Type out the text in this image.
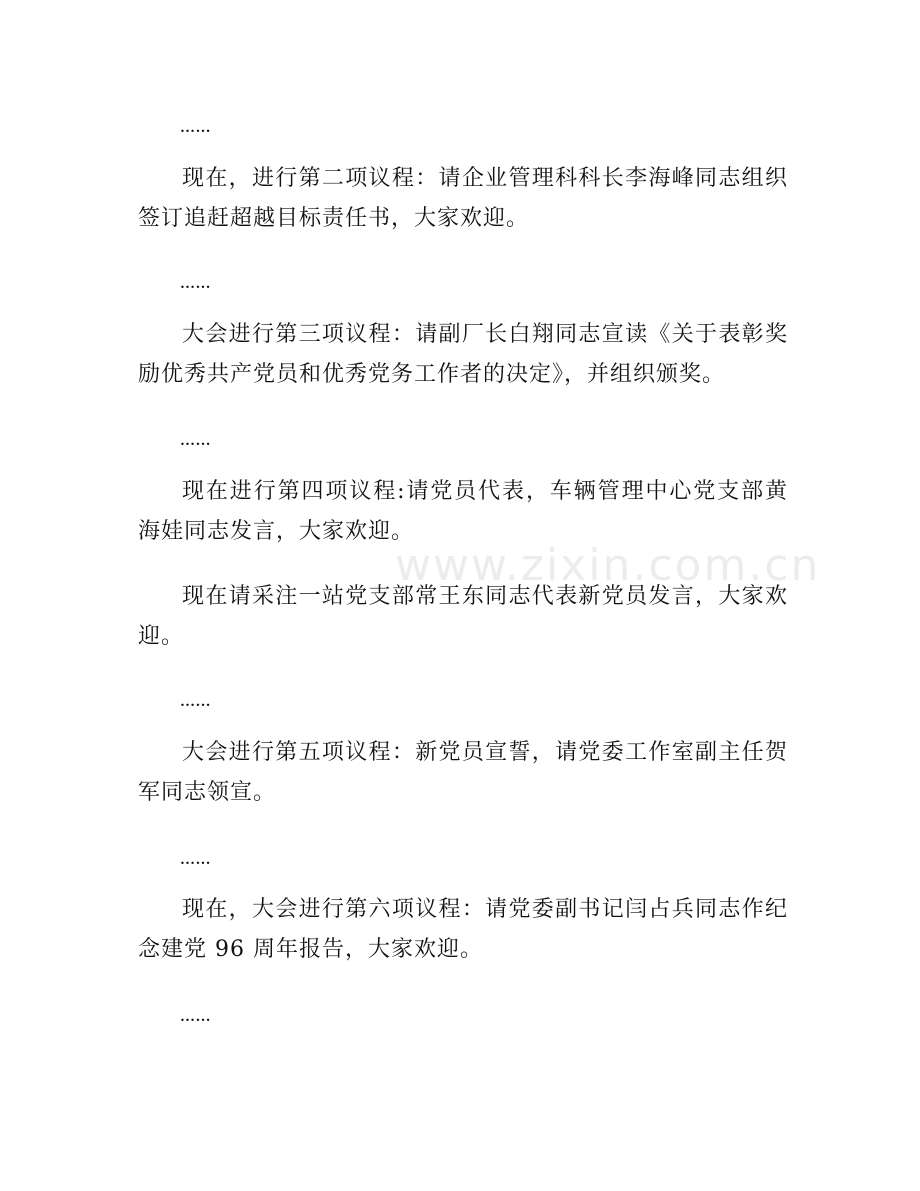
……
现在，进行第二项议程：请企业管理科科长李海峰同志组织签订追赶超越目标责任书，大家欢迎。
……
大会进行第三项议程：请副厂长白翔同志宣读《关于表彰奖励优秀共产党员和优秀党务工作者的决定》，并组织颁奖。
……
现在进行第四项议程:请党员代表，车辆管理中心党支部黄海娃同志发言，大家欢迎。
现在请采注一站党支部常王东同志代表新党员发言，大家欢迎。
……
大会进行第五项议程：新党员宣誓，请党委工作室副主任贺军同志领宣。
……
现在，大会进行第六项议程：请党委副书记闫占兵同志作纪念建党 96 周年报告，大家欢迎。
……
www.zixin.com.cn
